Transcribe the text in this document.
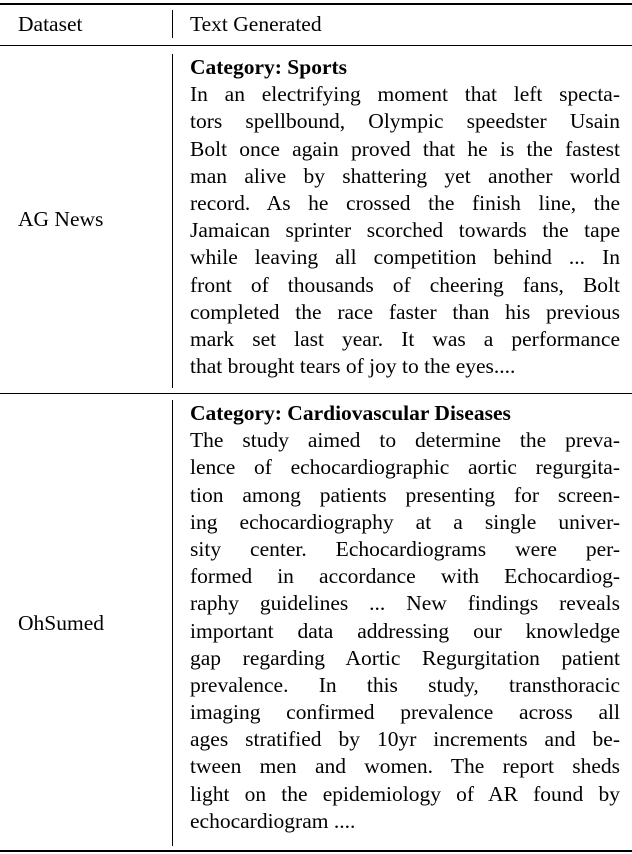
Dataset	Text Generated
AG News
Category: Sports
In an electrifying moment that left specta-
tors spellbound, Olympic speedster Usain
Bolt once again proved that he is the fastest
man alive by shattering yet another world
record. As he crossed the finish line, the
Jamaican sprinter scorched towards the tape
while leaving all competition behind ... In
front of thousands of cheering fans, Bolt
completed the race faster than his previous
mark set last year. It was a performance
that brought tears of joy to the eyes....
OhSumed
Category: Cardiovascular Diseases
The study aimed to determine the preva-
lence of echocardiographic aortic regurgita-
tion among patients presenting for screen-
ing echocardiography at a single univer-
sity center. Echocardiograms were per-
formed in accordance with Echocardiog-
raphy guidelines ... New findings reveals
important data addressing our knowledge
gap regarding Aortic Regurgitation patient
prevalence. In this study, transthoracic
imaging confirmed prevalence across all
ages stratified by 10yr increments and be-
tween men and women. The report sheds
light on the epidemiology of AR found by
echocardiogram ....
